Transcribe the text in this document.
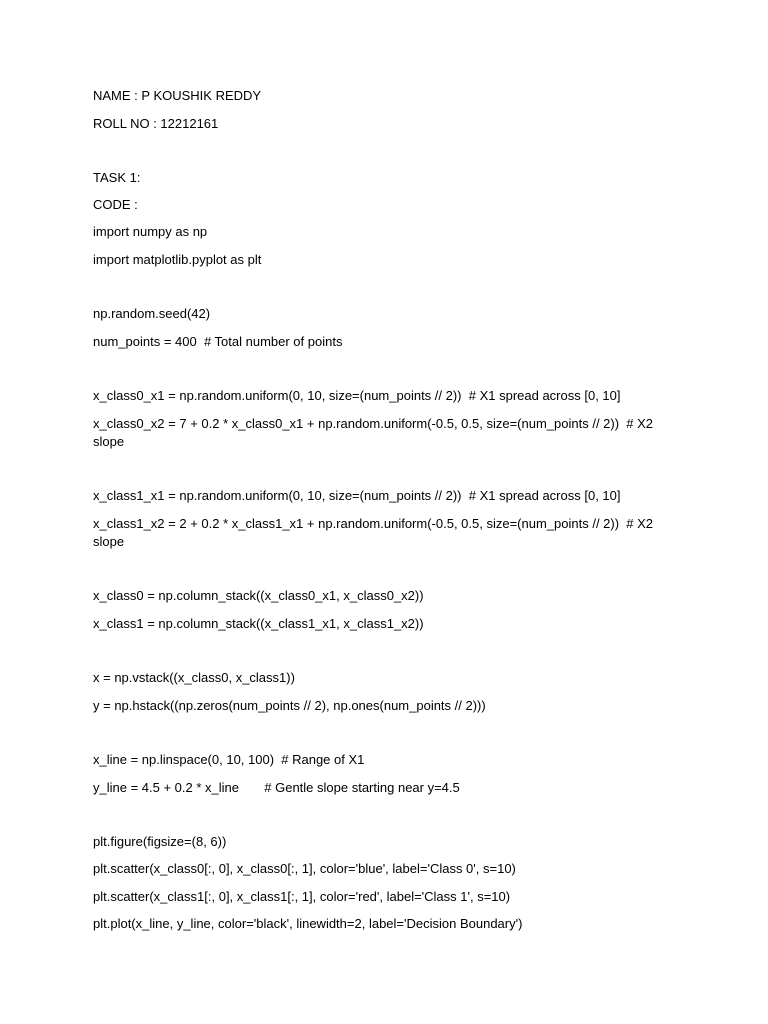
NAME : P KOUSHIK REDDY
ROLL NO : 12212161
TASK 1:
CODE :
import numpy as np
import matplotlib.pyplot as plt
np.random.seed(42)
num_points = 400  # Total number of points
x_class0_x1 = np.random.uniform(0, 10, size=(num_points // 2))  # X1 spread across [0, 10]
x_class0_x2 = 7 + 0.2 * x_class0_x1 + np.random.uniform(-0.5, 0.5, size=(num_points // 2))  # X2 slope
x_class1_x1 = np.random.uniform(0, 10, size=(num_points // 2))  # X1 spread across [0, 10]
x_class1_x2 = 2 + 0.2 * x_class1_x1 + np.random.uniform(-0.5, 0.5, size=(num_points // 2))  # X2 slope
x_class0 = np.column_stack((x_class0_x1, x_class0_x2))
x_class1 = np.column_stack((x_class1_x1, x_class1_x2))
x = np.vstack((x_class0, x_class1))
y = np.hstack((np.zeros(num_points // 2), np.ones(num_points // 2)))
x_line = np.linspace(0, 10, 100)  # Range of X1
y_line = 4.5 + 0.2 * x_line       # Gentle slope starting near y=4.5
plt.figure(figsize=(8, 6))
plt.scatter(x_class0[:, 0], x_class0[:, 1], color='blue', label='Class 0', s=10)
plt.scatter(x_class1[:, 0], x_class1[:, 1], color='red', label='Class 1', s=10)
plt.plot(x_line, y_line, color='black', linewidth=2, label='Decision Boundary')
